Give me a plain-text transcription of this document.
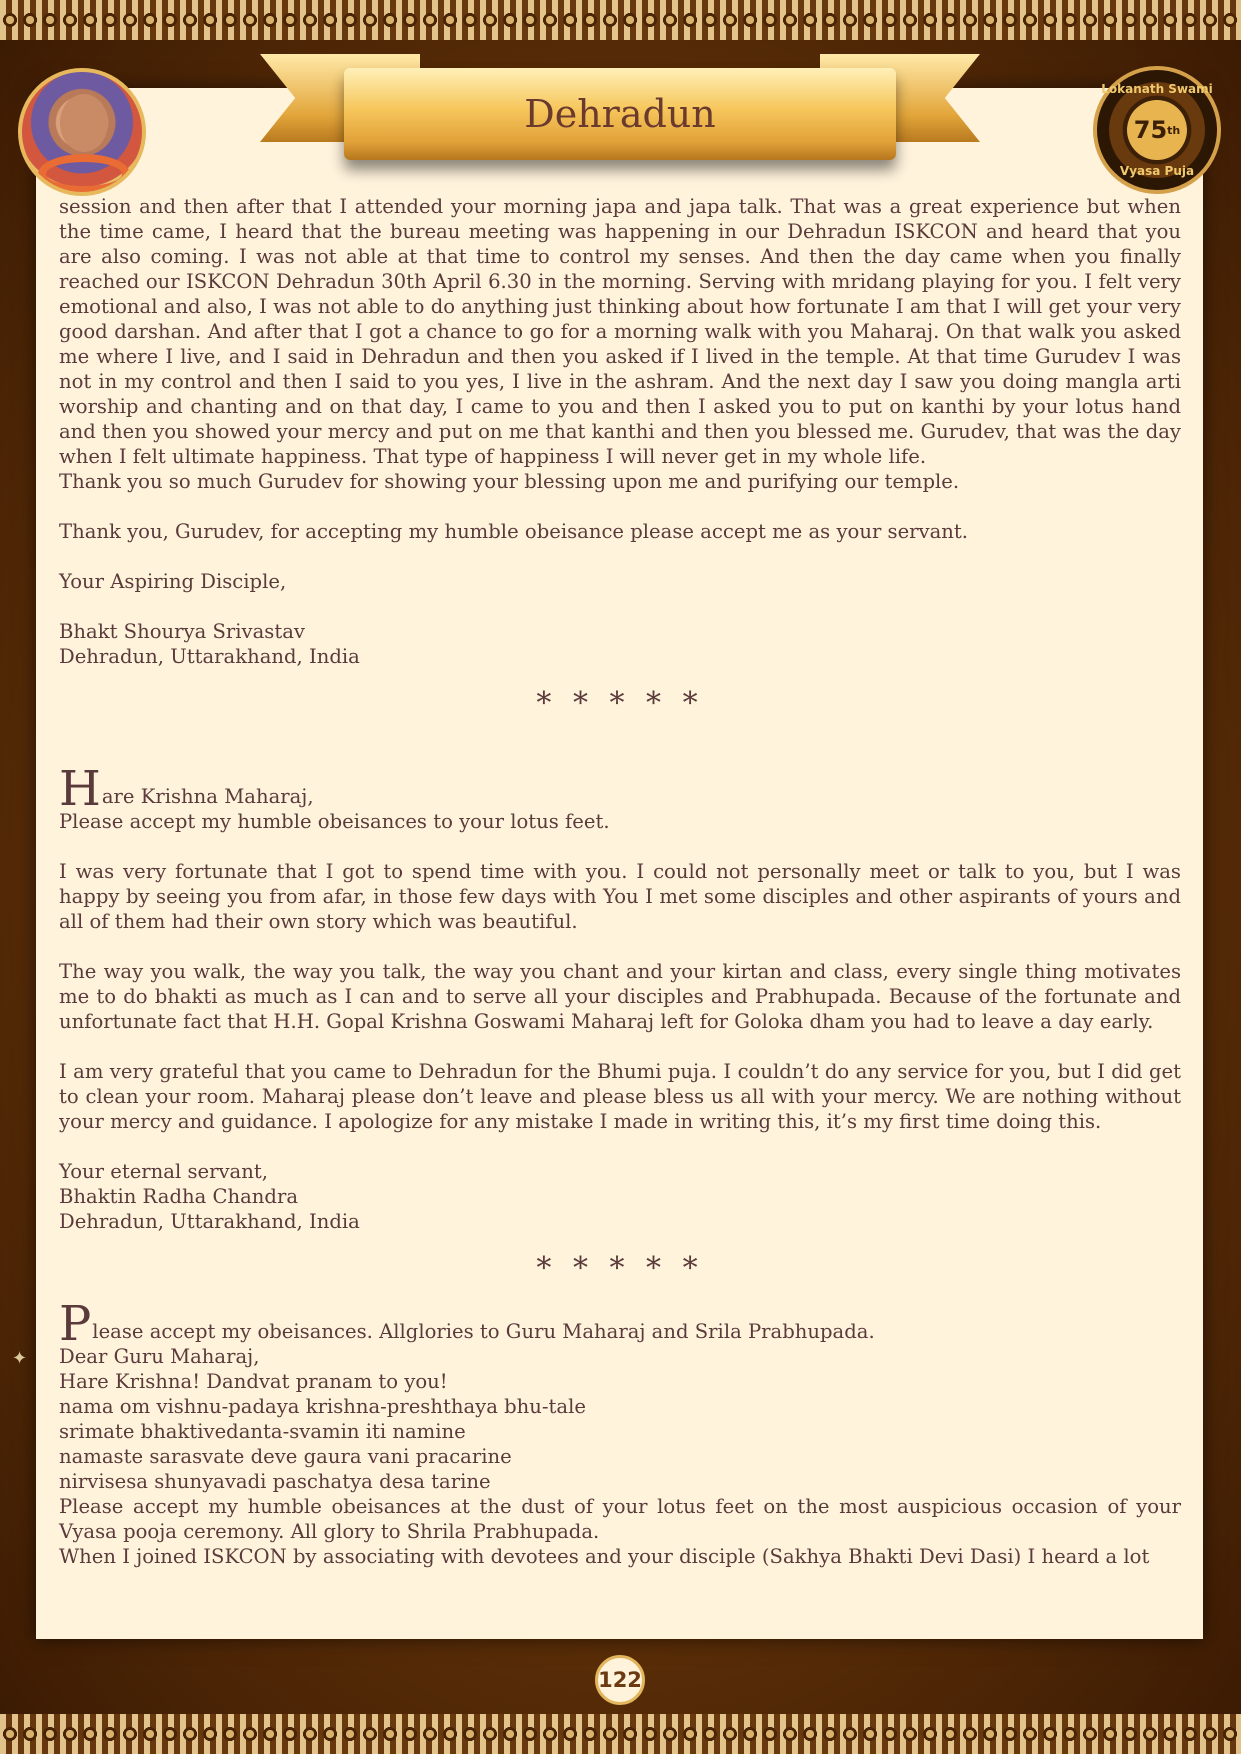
Dehradun
Lokanath Swami
75 th
Vyasa Puja

session and then after that I attended your morning japa and japa talk. That was a great experience but when the time came, I heard that the bureau meeting was happening in our Dehradun ISKCON and heard that you are also coming. I was not able at that time to control my senses. And then the day came when you finally reached our ISKCON Dehradun 30th April 6.30 in the morning. Serving with mridang playing for you. I felt very emotional and also, I was not able to do anything just thinking about how fortunate I am that I will get your very good darshan. And after that I got a chance to go for a morning walk with you Maharaj. On that walk you asked me where I live, and I said in Dehradun and then you asked if I lived in the temple. At that time Gurudev I was not in my control and then I said to you yes, I live in the ashram. And the next day I saw you doing mangla arti worship and chanting and on that day, I came to you and then I asked you to put on kanthi by your lotus hand and then you showed your mercy and put on me that kanthi and then you blessed me. Gurudev, that was the day when I felt ultimate happiness. That type of happiness I will never get in my whole life.

Thank you so much Gurudev for showing your blessing upon me and purifying our temple.

Thank you, Gurudev, for accepting my humble obeisance please accept me as your servant.

Your Aspiring Disciple,

Bhakt Shourya Srivastav

Dehradun, Uttarakhand, India

* * * * *

Hare Krishna Maharaj,

Please accept my humble obeisances to your lotus feet.

I was very fortunate that I got to spend time with you. I could not personally meet or talk to you, but I was happy by seeing you from afar, in those few days with You I met some disciples and other aspirants of yours and all of them had their own story which was beautiful.

The way you walk, the way you talk, the way you chant and your kirtan and class, every single thing motivates me to do bhakti as much as I can and to serve all your disciples and Prabhupada. Because of the fortunate and unfortunate fact that H.H. Gopal Krishna Goswami Maharaj left for Goloka dham you had to leave a day early.

I am very grateful that you came to Dehradun for the Bhumi puja. I couldn’t do any service for you, but I did get to clean your room. Maharaj please don’t leave and please bless us all with your mercy. We are nothing without your mercy and guidance. I apologize for any mistake I made in writing this, it’s my first time doing this.

Your eternal servant,

Bhaktin Radha Chandra

Dehradun, Uttarakhand, India

* * * * *

Please accept my obeisances. Allglories to Guru Maharaj and Srila Prabhupada.

Dear Guru Maharaj,

Hare Krishna! Dandvat pranam to you!

nama om vishnu-padaya krishna-preshthaya bhu-tale

srimate bhaktivedanta-svamin iti namine

namaste sarasvate deve gaura vani pracarine

nirvisesa shunyavadi paschatya desa tarine

Please accept my humble obeisances at the dust of your lotus feet on the most auspicious occasion of your Vyasa pooja ceremony. All glory to Shrila Prabhupada.

When I joined ISKCON by associating with devotees and your disciple (Sakhya Bhakti Devi Dasi) I heard a lot

✦
122
